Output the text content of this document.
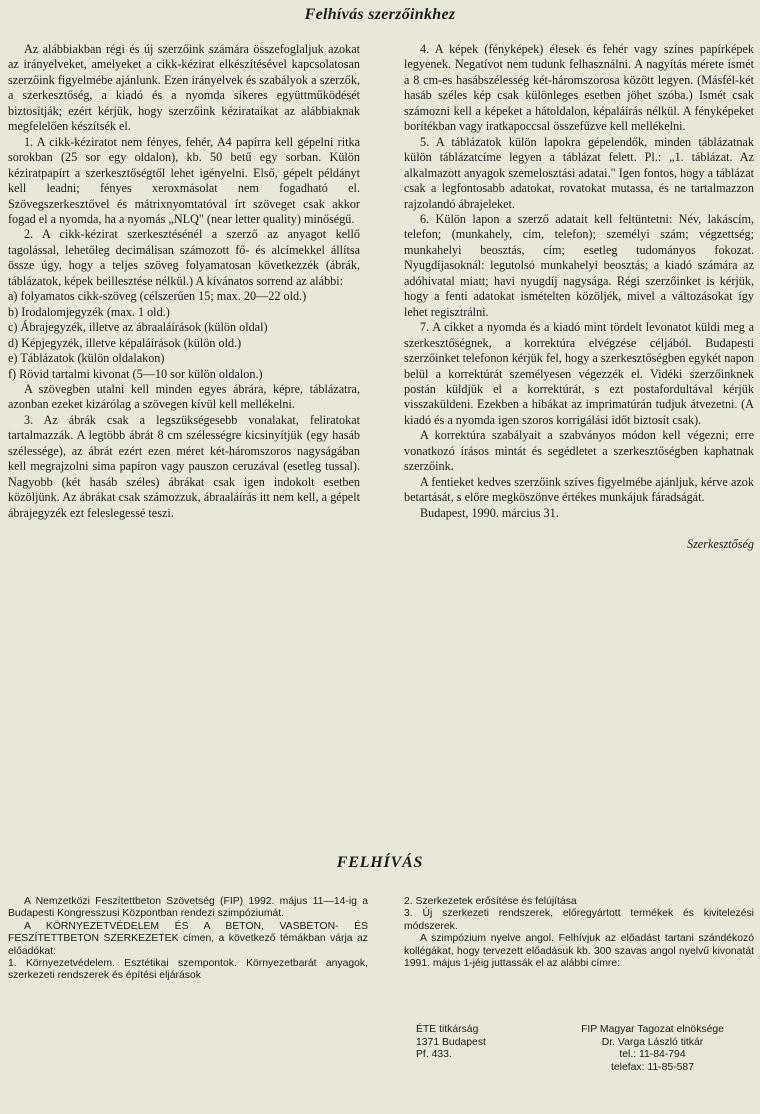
Felhívás szerzőinkhez

Az alábbiakban régi és új szerzőink számára összefoglaljuk azokat az irányelveket, amelyeket a cikk-kézirat elkészítésével kapcsolatosan szerzőink figyelmébe ajánlunk. Ezen irányelvek és szabályok a szerzők, a szerkesztőség, a kiadó és a nyomda sikeres együttműködését biztosítják; ezért kérjük, hogy szerzőink kézirataikat az alábbiaknak megfelelően készítsék el.

1. A cikk-kéziratot nem fényes, fehér, A4 papírra kell gépelni ritka sorokban (25 sor egy oldalon), kb. 50 betű egy sorban. Külön kéziratpapírt a szerkesztőségtől lehet igényelni. Első, gépelt példányt kell leadni; fényes xeroxmásolat nem fogadható el. Szövegszerkesztővel és mátrixnyomtatóval írt szöveget csak akkor fogad el a nyomda, ha a nyomás „NLQ" (near letter quality) minőségű.

2. A cikk-kézirat szerkesztésénél a szerző az anyagot kellő tagolással, lehetőleg decimálisan számozott fő- és alcímekkel állítsa össze úgy, hogy a teljes szöveg folyamatosan következzék (ábrák, táblázatok, képek beillesztése nélkül.) A kívánatos sorrend az alábbi:

a) folyamatos cikk-szöveg (célszerűen 15; max. 20—22 old.)

b) Irodalomjegyzék (max. 1 old.)

c) Ábrajegyzék, illetve az ábraaláírások (külön oldal)

d) Képjegyzék, illetve képaláírások (külön old.)

e) Táblázatok (külön oldalakon)

f) Rövid tartalmi kivonat (5—10 sor külön oldalon.)

A szövegben utalni kell minden egyes ábrára, képre, táblázatra, azonban ezeket kizárólag a szövegen kívül kell mellékelni.

3. Az ábrák csak a legszükségesebb vonalakat, feliratokat tartalmazzák. A legtöbb ábrát 8 cm szélességre kicsinyítjük (egy hasáb szélessége), az ábrát ezért ezen méret két-háromszoros nagyságában kell megrajzolni sima papíron vagy pauszon ceruzával (esetleg tussal). Nagyobb (két hasáb széles) ábrákat csak igen indokolt esetben közöljünk. Az ábrákat csak számozzuk, ábraaláírás itt nem kell, a gépelt ábrajegyzék ezt feleslegessé teszi.

4. A képek (fényképek) élesek és fehér vagy színes papírképek legyenek. Negatívot nem tudunk felhasználni. A nagyítás mérete ismét a 8 cm-es hasábszélesség két-háromszorosa között legyen. (Másfél-két hasáb széles kép csak különleges esetben jöhet szóba.) Ismét csak számozni kell a képeket a hátoldalon, képaláírás nélkül. A fényképeket borítékban vagy iratkapoccsal összefűzve kell mellékelni.

5. A táblázatok külön lapokra gépelendők, minden táblázatnak külön táblázatcíme legyen a táblázat felett. Pl.: „1. táblázat. Az alkalmazott anyagok szemelosztási adatai." Igen fontos, hogy a táblázat csak a legfontosabb adatokat, rovatokat mutassa, és ne tartalmazzon rajzolandó ábrajeleket.

6. Külön lapon a szerző adatait kell feltüntetni: Név, lakáscím, telefon; (munkahely, cím, telefon); személyi szám; végzettség; munkahelyi beosztás, cím; esetleg tudományos fokozat. Nyugdíjasoknál: legutolsó munkahelyi beosztás; a kiadó számára az adóhivatal miatt; havi nyugdíj nagysága. Régi szerzőinket is kérjük, hogy a fenti adatokat ismételten közöljék, mivel a változásokat így lehet regisztrálni.

7. A cikket a nyomda és a kiadó mint tördelt levonatot küldi meg a szerkesztőségnek, a korrektúra elvégzése céljából. Budapesti szerzőinket telefonon kérjük fel, hogy a szerkesztőségben egykét napon belül a korrektúrát személyesen végezzék el. Vidéki szerzőinknek postán küldjük el a korrektúrát, s ezt postafordultával kérjük visszaküldeni. Ezekben a hibákat az imprimatúrán tudjuk átvezetni. (A kiadó és a nyomda igen szoros korrigálási időt biztosít csak).

A korrektúra szabályait a szabványos módon kell végezni; erre vonatkozó írásos mintát és segédletet a szerkesztőségben kaphatnak szerzőink.

A fentieket kedves szerzőink szíves figyelmébe ajánljuk, kérve azok betartását, s előre megköszönve értékes munkájuk fáradságát.

Budapest, 1990. március 31.

Szerkesztőség

FELHÍVÁS

A Nemzetközi Feszítettbeton Szövetség (FIP) 1992. május 11—14-ig a Budapesti Kongresszusi Központban rendezi szimpóziumát.

A KÖRNYEZETVÉDELEM ÉS A BETON, VASBETON- ÉS FESZÍTETTBETON SZERKEZETEK címen, a következő témákban várja az előadókat:

1. Környezetvédelem. Esztétikai szempontok. Környezetbarát anyagok, szerkezeti rendszerek és építési eljárások

2. Szerkezetek erősítése és felújítása

3. Új szerkezeti rendszerek, előregyártott termékek és kivitelezési módszerek.

A szimpózium nyelve angol. Felhívjuk az előadást tartani szándékozó kollégákat, hogy tervezett előadásuk kb. 300 szavas angol nyelvű kivonatát 1991. május 1-jéig juttassák el az alábbi címre:

ÉTE titkárság
1371 Budapest
Pf. 433.
FIP Magyar Tagozat elnöksége
Dr. Varga László titkár
tel.: 11-84-794
telefax: 11-85-587
